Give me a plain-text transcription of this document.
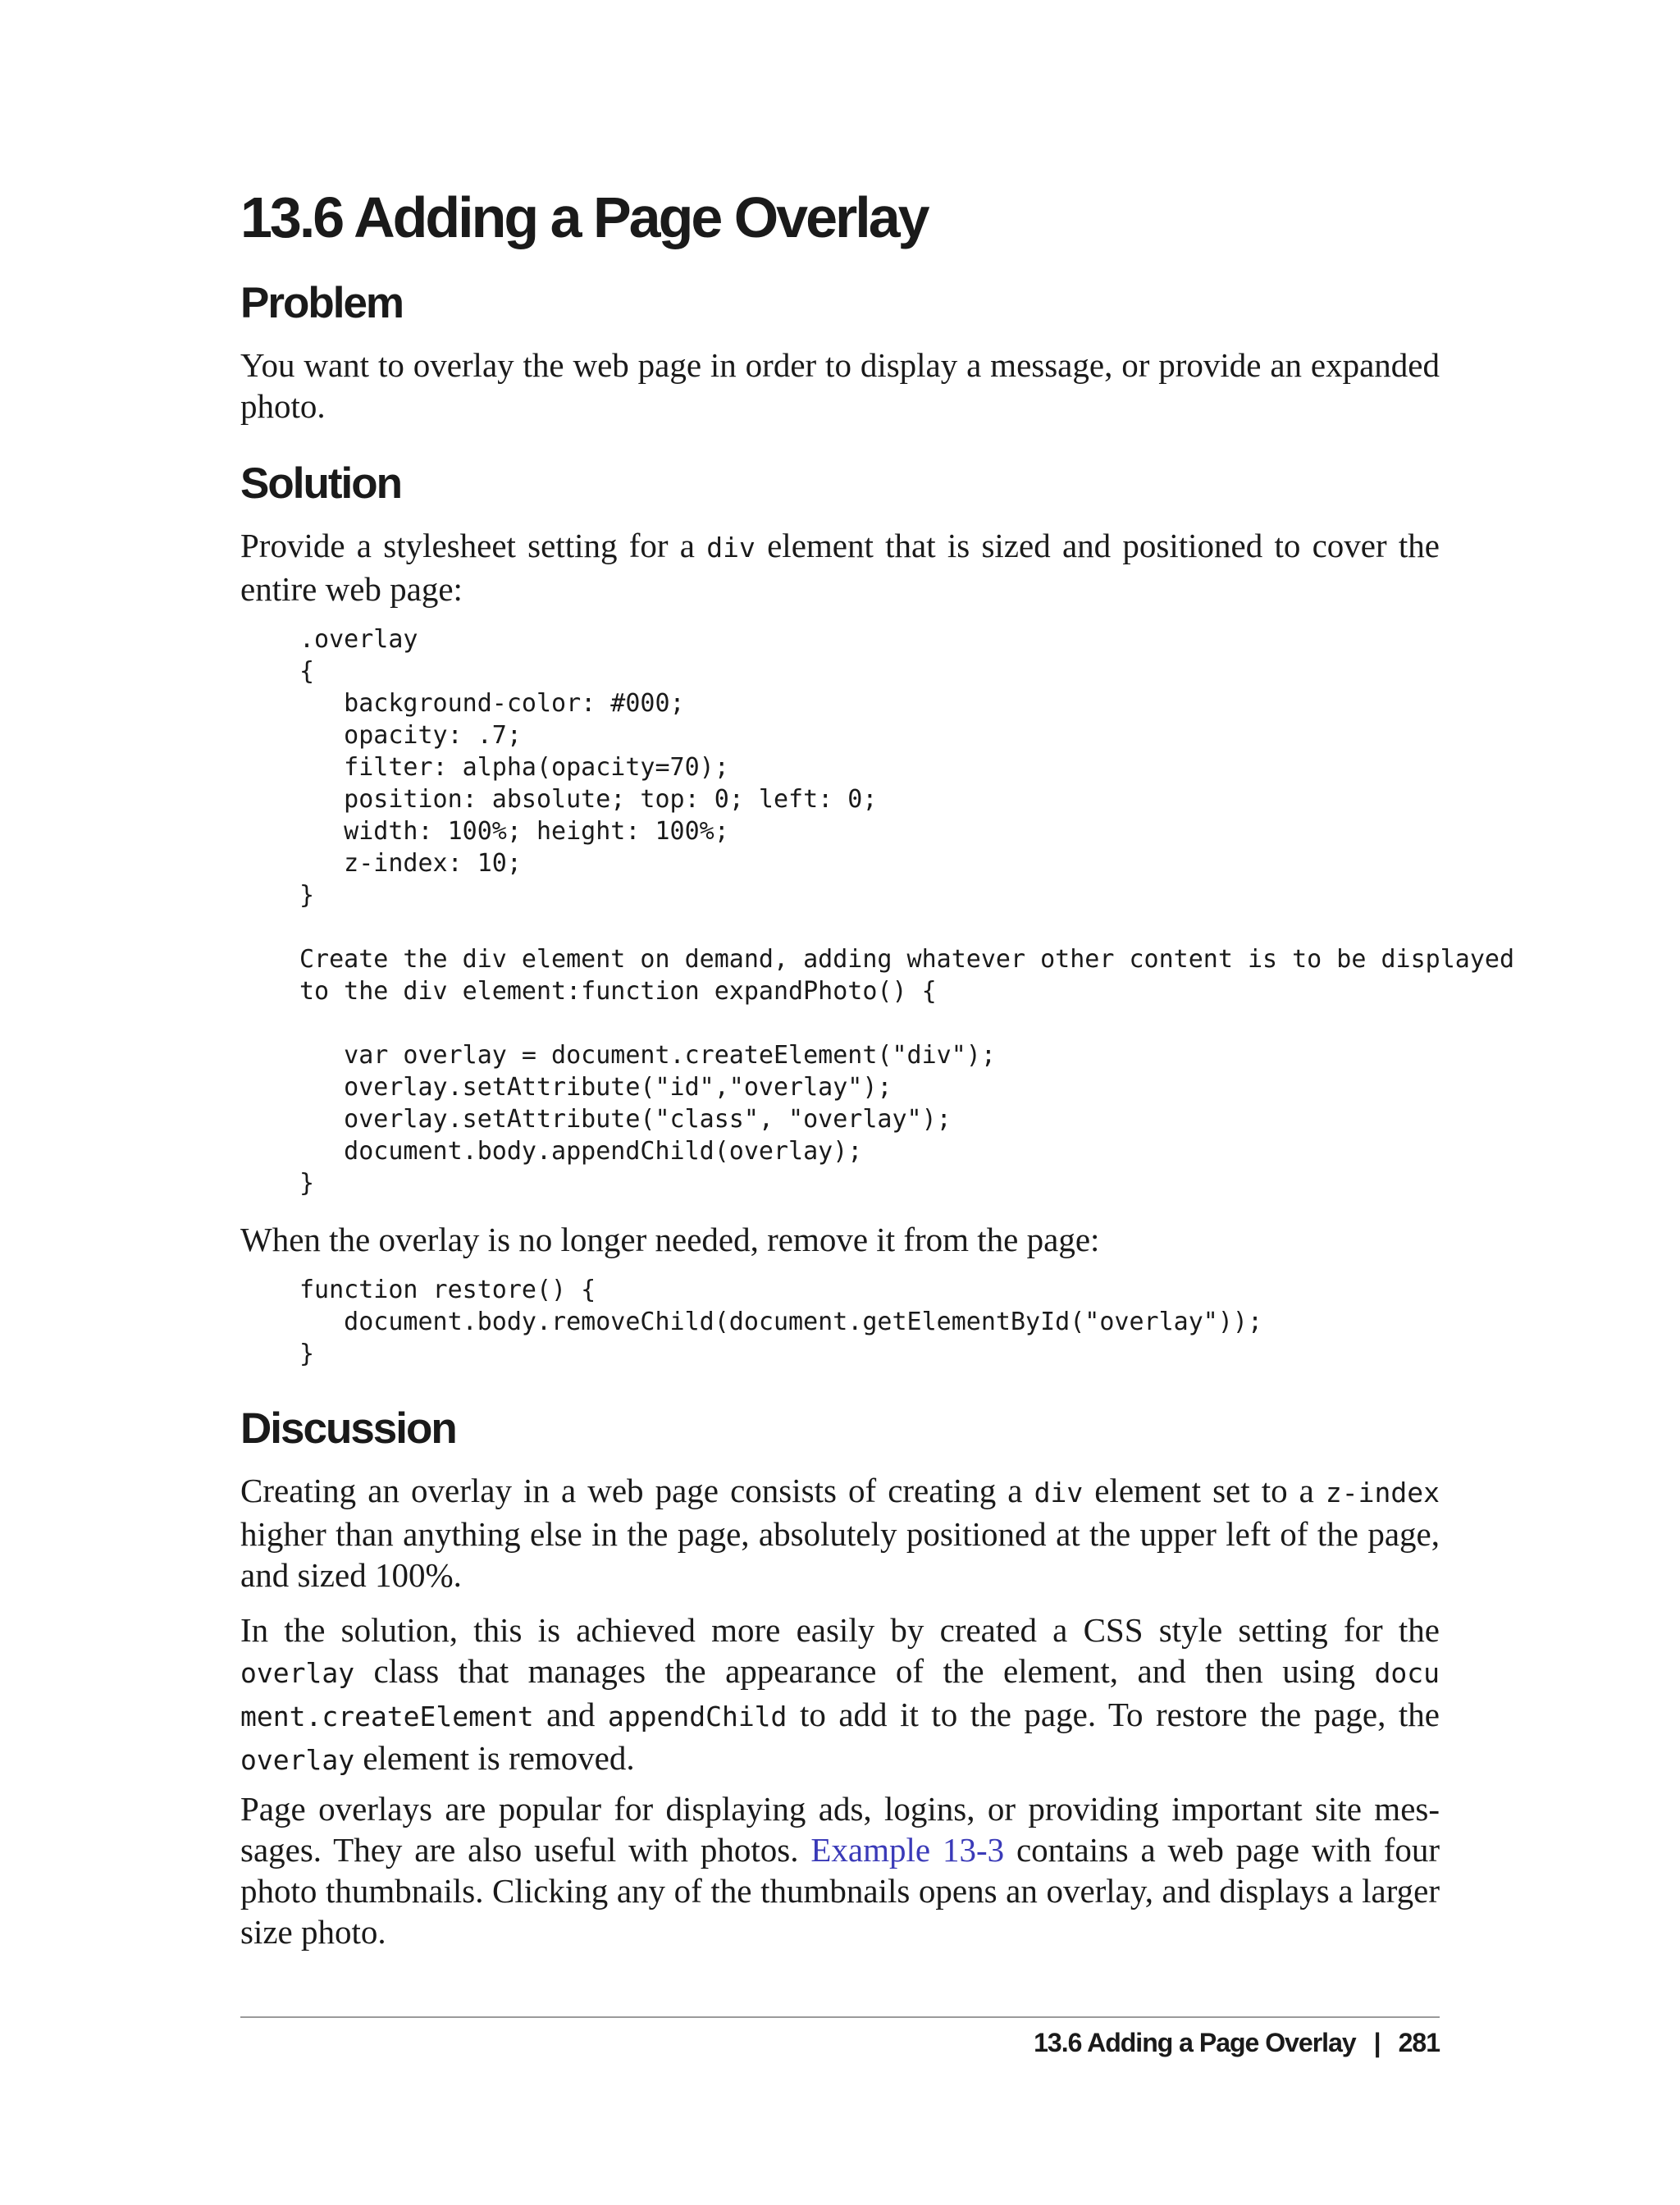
13.6 Adding a Page Overlay
Problem

You want to overlay the web page in order to display a message, or provide an expanded photo.

Solution

Provide a stylesheet setting for a div element that is sized and positioned to cover the entire web page:

.overlay
{
background-color: #000;
opacity: .7;
filter: alpha(opacity=70);
position: absolute; top: 0; left: 0;
width: 100%; height: 100%;
z-index: 10;
}

Create the div element on demand, adding whatever other content is to be displayed
to the div element:function expandPhoto() {

var overlay = document.createElement("div");
overlay.setAttribute("id","overlay");
overlay.setAttribute("class", "overlay");
document.body.appendChild(overlay);
}

When the overlay is no longer needed, remove it from the page:

function restore() {
document.body.removeChild(document.getElementById("overlay"));
}
Discussion

Creating an overlay in a web page consists of creating a div element set to a z-index higher than anything else in the page, absolutely positioned at the upper left of the page, and sized 100%.

In the solution, this is achieved more easily by created a CSS style setting for the overlay class that manages the appearance of the element, and then using docu ment.createElement and appendChild to add it to the page. To restore the page, the overlay element is removed.

Page overlays are popular for displaying ads, logins, or providing important site mes-sages. They are also useful with photos. Example 13-3 contains a web page with four photo thumbnails. Clicking any of the thumbnails opens an overlay, and displays a larger size photo.

13.6 Adding a Page Overlay | 281
